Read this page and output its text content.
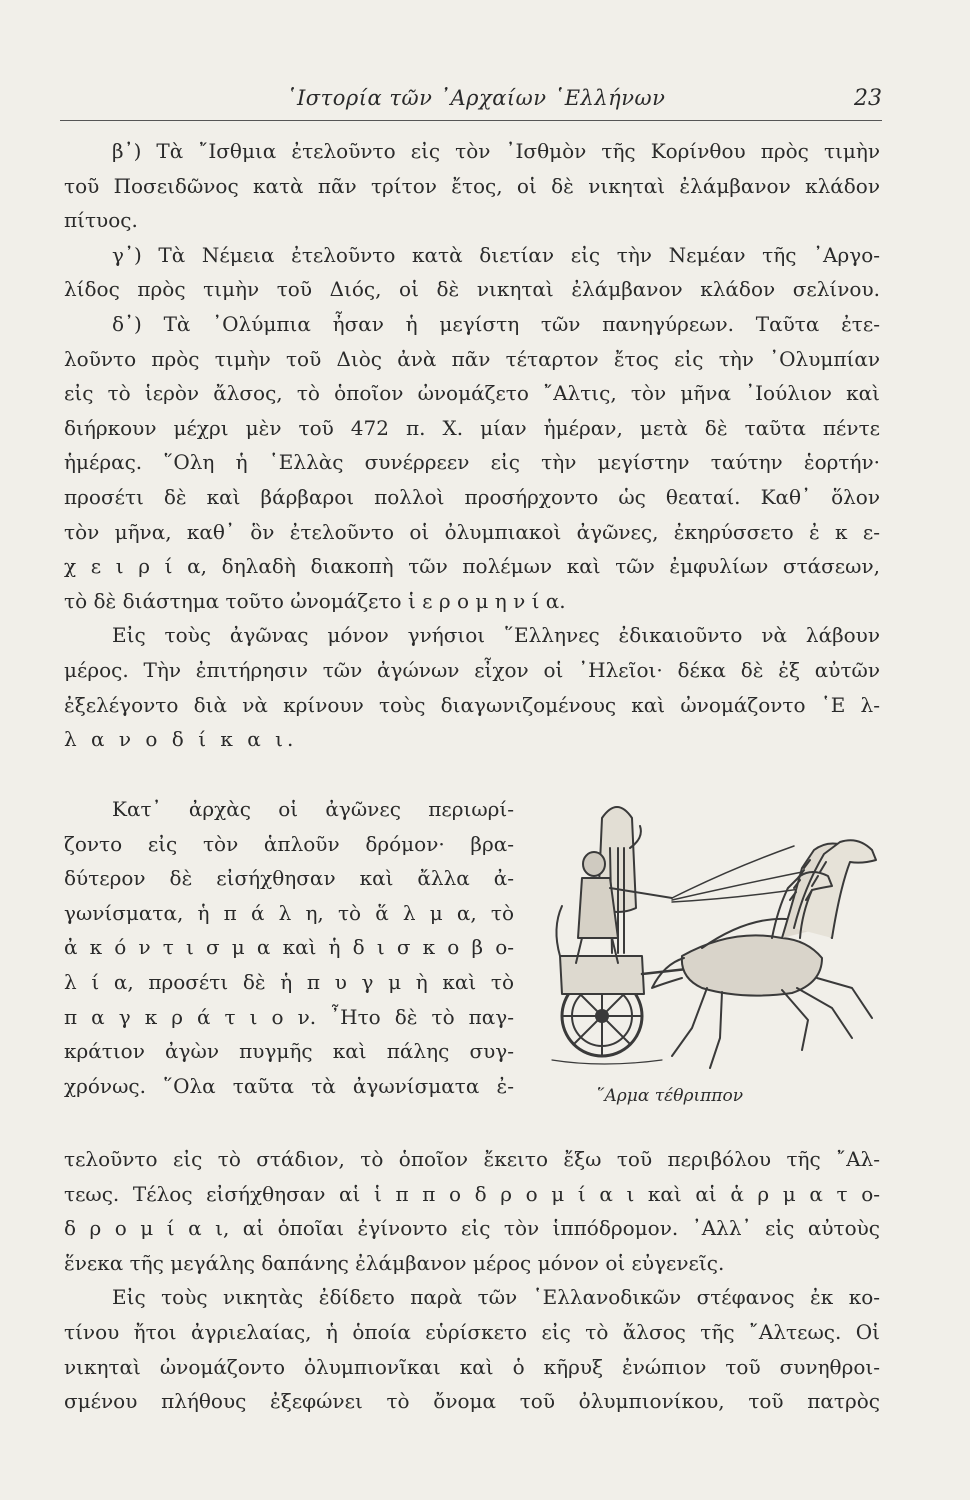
῾Ιστορία τῶν ᾽Αρχαίων ῾Ελλήνων	23
β᾽) Τὰ ῎Ισθμια ἐτελοῦντο εἰς τὸν ᾽Ισθμὸν τῆς Κορίνθου πρὸς τιμὴν
τοῦ Ποσειδῶνος κατὰ πᾶν τρίτον ἔτος, οἱ δὲ νικηταὶ ἐλάμβανον κλάδον
πίτυος.
γ᾽) Τὰ Νέμεια ἐτελοῦντο κατὰ διετίαν εἰς τὴν Νεμέαν τῆς ᾽Αργο-
λίδος πρὸς τιμὴν τοῦ Διός, οἱ δὲ νικηταὶ ἐλάμβανον κλάδον σελίνου.
δ᾽) Τὰ ᾽Ολύμπια ἦσαν ἡ μεγίστη τῶν πανηγύρεων. Ταῦτα ἐτε-
λοῦντο πρὸς τιμὴν τοῦ Διὸς ἀνὰ πᾶν τέταρτον ἔτος εἰς τὴν ᾽Ολυμπίαν
εἰς τὸ ἱερὸν ἄλσος, τὸ ὁποῖον ὠνομάζετο ῎Αλτις, τὸν μῆνα ᾽Ιούλιον καὶ
διήρκουν μέχρι μὲν τοῦ 472 π. Χ. μίαν ἡμέραν, μετὰ δὲ ταῦτα πέντε
ἡμέρας. ῞Ολη ἡ ῾Ελλὰς συνέρρεεν εἰς τὴν μεγίστην ταύτην ἑορτήν·
προσέτι δὲ καὶ βάρβαροι πολλοὶ προσήρχοντο ὡς θεαταί. Καθ᾽ ὅλον
τὸν μῆνα, καθ᾽ ὃν ἐτελοῦντο οἱ ὀλυμπιακοὶ ἀγῶνες, ἐκηρύσσετο ἐ κ ε-
χ ε ι ρ ί α, δηλαδὴ διακοπὴ τῶν πολέμων καὶ τῶν ἐμφυλίων στάσεων,
τὸ δὲ διάστημα τοῦτο ὠνομάζετο ἱ ε ρ ο μ η ν ί α.
Εἰς τοὺς ἀγῶνας μόνον γνήσιοι ῞Ελληνες ἐδικαιοῦντο νὰ λάβουν
μέρος. Τὴν ἐπιτήρησιν τῶν ἀγώνων εἶχον οἱ ᾽Ηλεῖοι· δέκα δὲ ἐξ αὐτῶν
ἐξελέγοντο διὰ νὰ κρίνουν τοὺς διαγωνιζομένους καὶ ὠνομάζοντο ῾Ε λ-
λ α ν ο δ ί κ α ι.
Κατ᾽ ἀρχὰς οἱ ἀγῶνες περιωρί-
ζοντο εἰς τὸν ἁπλοῦν δρόμον· βρα-
δύτερον δὲ εἰσήχθησαν καὶ ἄλλα ἀ-
γωνίσματα, ἡ π ά λ η, τὸ ἅ λ μ α, τὸ
ἀ κ ό ν τ ι σ μ α καὶ ἡ δ ι σ κ ο β ο-
λ ί α, προσέτι δὲ ἡ π υ γ μ ὴ καὶ τὸ
π α γ κ ρ ά τ ι ο ν. ῏Ητο δὲ τὸ παγ-
κράτιον ἀγὼν πυγμῆς καὶ πάλης συγ-
χρόνως. ῞Ολα ταῦτα τὰ ἀγωνίσματα ἐ-	῞Αρμα τέθριππον
τελοῦντο εἰς τὸ στάδιον, τὸ ὁποῖον ἔκειτο ἔξω τοῦ περιβόλου τῆς ῎Αλ-
τεως. Τέλος εἰσήχθησαν αἱ ἱ π π ο δ ρ ο μ ί α ι καὶ αἱ ἁ ρ μ α τ ο-
δ ρ ο μ ί α ι, αἱ ὁποῖαι ἐγίνοντο εἰς τὸν ἱππόδρομον. ᾽Αλλ᾽ εἰς αὐτοὺς
ἕνεκα τῆς μεγάλης δαπάνης ἐλάμβανον μέρος μόνον οἱ εὐγενεῖς.
Εἰς τοὺς νικητὰς ἐδίδετο παρὰ τῶν ῾Ελλανοδικῶν στέφανος ἐκ κο-
τίνου ἤτοι ἀγριελαίας, ἡ ὁποία εὑρίσκετο εἰς τὸ ἄλσος τῆς ῎Αλτεως. Οἱ
νικηταὶ ὠνομάζοντο ὀλυμπιονῖκαι καὶ ὁ κῆρυξ ἐνώπιον τοῦ συνηθροι-
σμένου πλήθους ἐξεφώνει τὸ ὄνομα τοῦ ὀλυμπιονίκου, τοῦ πατρὸς
